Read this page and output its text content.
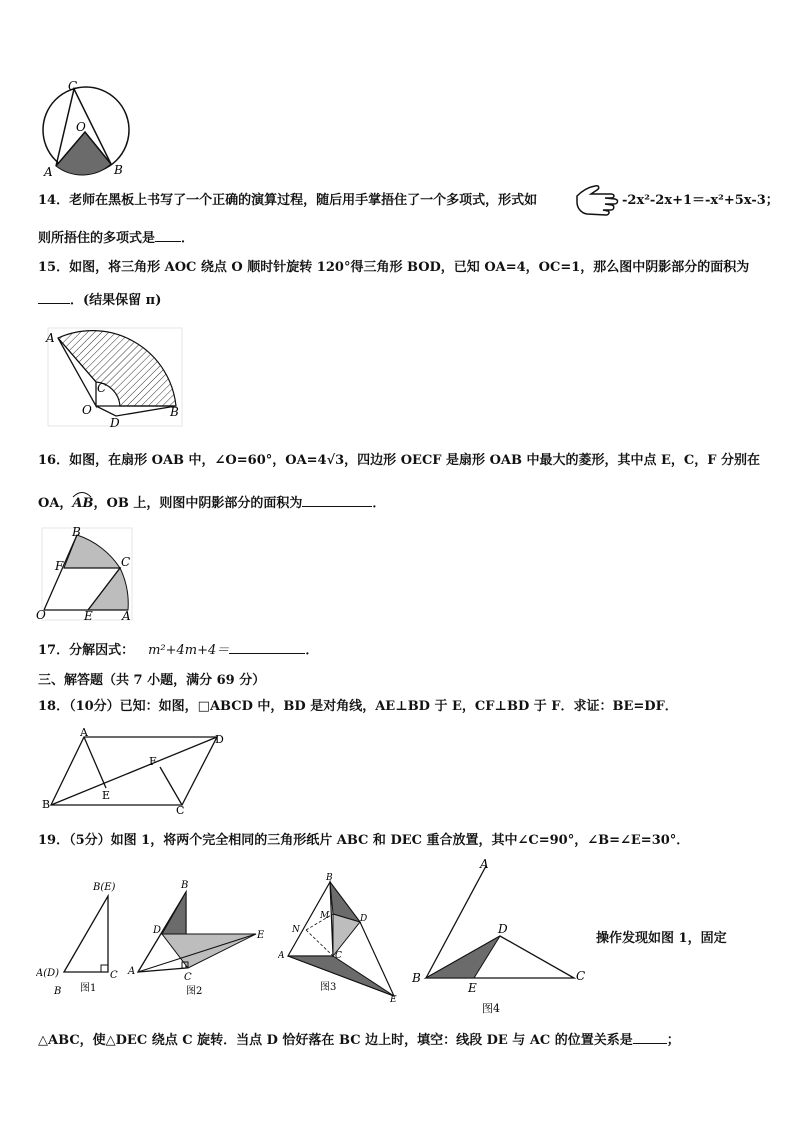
C
O
A	B
14．老师在黑板上书写了一个正确的演算过程，随后用手掌捂住了一个多项式，形式如	-2x²-2x+1＝-x²+5x-3；
则所捂住的多项式是 ．
15．如图，将三角形 AOC 绕点 O 顺时针旋转 120°得三角形 BOD，已知 OA=4，OC=1，那么图中阴影部分的面积为
．(结果保留 π)
A
C
O
D
B
16．如图，在扇形 OAB 中，∠O=60°，OA=4√3，四边形 OECF 是扇形 OAB 中最大的菱形，其中点 E，C，F 分别在
OA，AB
，OB 上，则图中阴影部分的面积为	．
B
F	C
O	E A
17．分解因式： m²+4m+4＝	．
三、解答题（共 7 小题，满分 69 分）
18．（10分）已知：如图，□ABCD 中，BD 是对角线，AE⊥BD 于 E，CF⊥BD 于 F．求证：BE=DF．
A
D
F
E
B	C
19．（5分）如图 1，将两个完全相同的三角形纸片 ABC 和 DEC 重合放置，其中∠C=90°，∠B=∠E=30°．
B(E)
A(D)	C
B 图1
B
D	E
A
C
图2
B
M	D
N
A	C
E
图3
A
D
B
E
C
图4
操作发现如图 1，固定
△ABC，使△DEC 绕点 C 旋转．当点 D 恰好落在 BC 边上时，填空：线段 DE 与 AC 的位置关系是	；
